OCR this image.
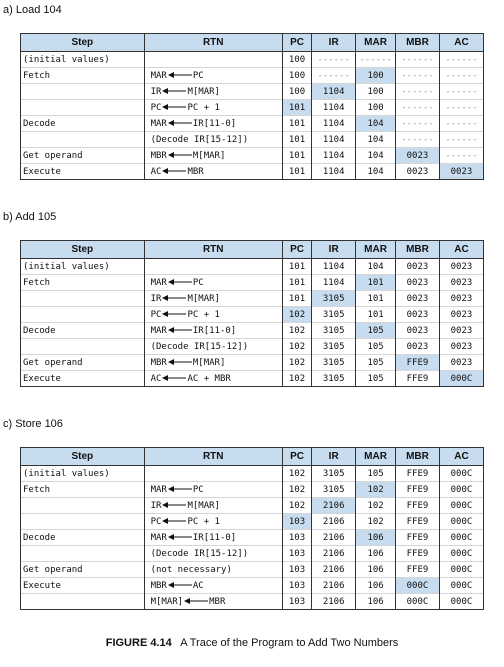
a) Load 104
Step	RTN	PC	IR	MAR	MBR	AC
(initial values)		100	------	------	------	------
Fetch	MAR PC	100	------	100	------	------
	IR M[MAR]	100	1104	100	------	------
	PC PC + 1	101	1104	100	------	------
Decode	MAR IR[11-0]	101	1104	104	------	------
	(Decode IR[15-12])	101	1104	104	------	------
Get operand	MBR M[MAR]	101	1104	104	0023	------
Execute	AC MBR	101	1104	104	0023	0023
b) Add 105
Step	RTN	PC	IR	MAR	MBR	AC
(initial values)		101	1104	104	0023	0023
Fetch	MAR PC	101	1104	101	0023	0023
	IR M[MAR]	101	3105	101	0023	0023
	PC PC + 1	102	3105	101	0023	0023
Decode	MAR IR[11-0]	102	3105	105	0023	0023
	(Decode IR[15-12])	102	3105	105	0023	0023
Get operand	MBR M[MAR]	102	3105	105	FFE9	0023
Execute	AC AC + MBR	102	3105	105	FFE9	000C
c) Store 106
Step	RTN	PC	IR	MAR	MBR	AC
(initial values)		102	3105	105	FFE9	000C
Fetch	MAR PC	102	3105	102	FFE9	000C
	IR M[MAR]	102	2106	102	FFE9	000C
	PC PC + 1	103	2106	102	FFE9	000C
Decode	MAR IR[11-0]	103	2106	106	FFE9	000C
	(Decode IR[15-12])	103	2106	106	FFE9	000C
Get operand	(not necessary)	103	2106	106	FFE9	000C
Execute	MBR AC	103	2106	106	000C	000C
	M[MAR] MBR	103	2106	106	000C	000C
FIGURE 4.14 A Trace of the Program to Add Two Numbers
